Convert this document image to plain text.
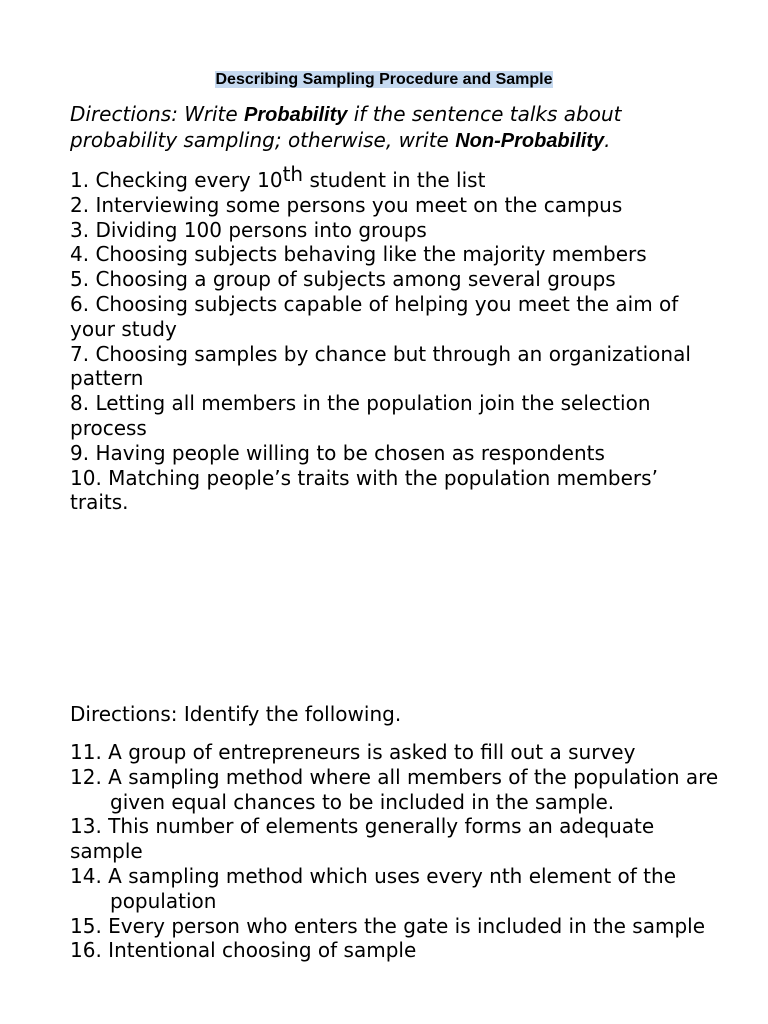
Describing Sampling Procedure and Sample
Directions: Write Probability if the sentence talks about probability sampling; otherwise, write Non-Probability.
1. Checking every 10th student in the list
2. Interviewing some persons you meet on the campus
3. Dividing 100 persons into groups
4. Choosing subjects behaving like the majority members
5. Choosing a group of subjects among several groups
6. Choosing subjects capable of helping you meet the aim of your study
7. Choosing samples by chance but through an organizational pattern
8. Letting all members in the population join the selection process
9. Having people willing to be chosen as respondents
10. Matching people’s traits with the population members’ traits.
Directions: Identify the following.
11. A group of entrepreneurs is asked to fill out a survey
12. A sampling method where all members of the population are
given equal chances to be included in the sample.
13. This number of elements generally forms an adequate sample
14. A sampling method which uses every nth element of the
population
15. Every person who enters the gate is included in the sample
16. Intentional choosing of sample
